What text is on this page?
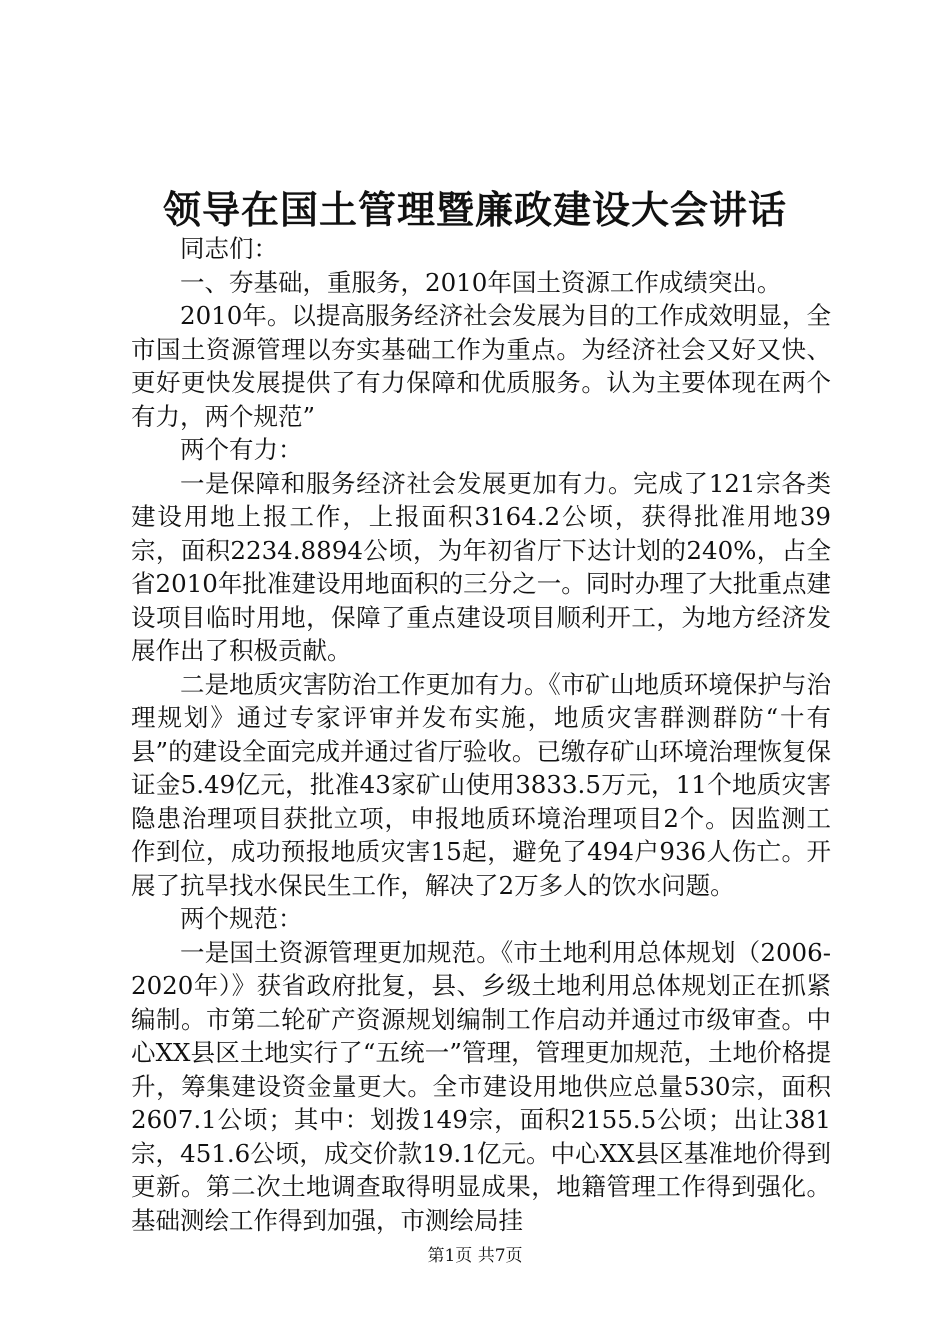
领导在国土管理暨廉政建设大会讲话

同志们：

一、夯基础，重服务，2010年国土资源工作成绩突出。

2010年。以提高服务经济社会发展为目的工作成效明显，全市国土资源管理以夯实基础工作为重点。为经济社会又好又快、更好更快发展提供了有力保障和优质服务。认为主要体现在两个有力，两个规范”

两个有力：

一是保障和服务经济社会发展更加有力。完成了121宗各类建设用地上报工作，上报面积3164.2公顷，获得批准用地39宗，面积2234.8894公顷，为年初省厅下达计划的240%，占全省2010年批准建设用地面积的三分之一。同时办理了大批重点建设项目临时用地，保障了重点建设项目顺利开工，为地方经济发展作出了积极贡献。

二是地质灾害防治工作更加有力。《市矿山地质环境保护与治理规划》通过专家评审并发布实施，地质灾害群测群防“十有县”的建设全面完成并通过省厅验收。已缴存矿山环境治理恢复保证金5.49亿元，批准43家矿山使用3833.5万元，11个地质灾害隐患治理项目获批立项，申报地质环境治理项目2个。因监测工作到位，成功预报地质灾害15起，避免了494户936人伤亡。开展了抗旱找水保民生工作，解决了2万多人的饮水问题。

两个规范：

一是国土资源管理更加规范。《市土地利用总体规划（2006-2020年）》获省政府批复，县、乡级土地利用总体规划正在抓紧编制。市第二轮矿产资源规划编制工作启动并通过市级审查。中心XX县区土地实行了“五统一”管理，管理更加规范，土地价格提升，筹集建设资金量更大。全市建设用地供应总量530宗，面积2607.1公顷；其中：划拨149宗，面积2155.5公顷；出让381宗，451.6公顷，成交价款19.1亿元。中心XX县区基准地价得到更新。第二次土地调查取得明显成果，地籍管理工作得到强化。基础测绘工作得到加强，市测绘局挂

第1页 共7页
